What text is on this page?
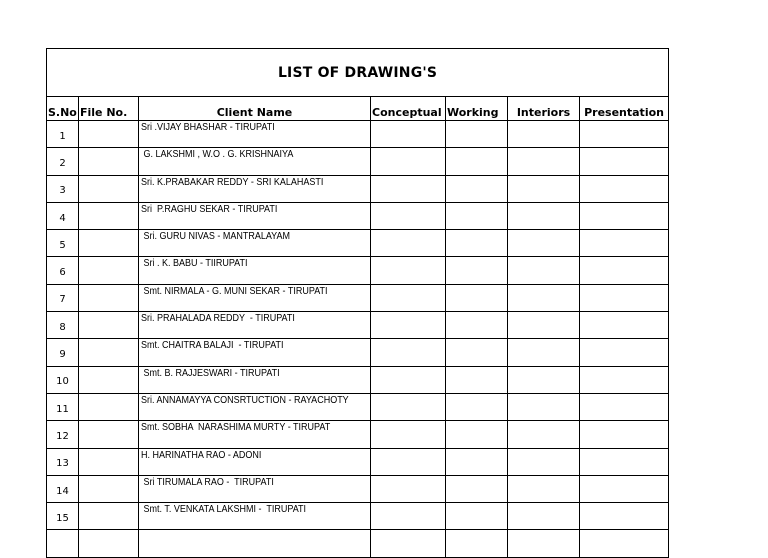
LIST OF DRAWING'S						
S.No	File No.	Client Name	Conceptual	Working	Interiors	Presentation
1		Sri .VIJAY BHASHAR - TIRUPATI				
2		G. LAKSHMI , W.O . G. KRISHNAIYA				
3		Sri. K.PRABAKAR REDDY - SRI KALAHASTI				
4		Sri  P.RAGHU SEKAR - TIRUPATI				
5		Sri. GURU NIVAS - MANTRALAYAM				
6		Sri . K. BABU - TIIRUPATI				
7		Smt. NIRMALA - G. MUNI SEKAR - TIRUPATI				
8		Sri. PRAHALADA REDDY  - TIRUPATI				
9		Smt. CHAITRA BALAJI  - TIRUPATI				
10		Smt. B. RAJJESWARI - TIRUPATI				
11		Sri. ANNAMAYYA CONSRTUCTION - RAYACHOTY				
12		Smt. SOBHA  NARASHIMA MURTY - TIRUPAT				
13		H. HARINATHA RAO - ADONI				
14		Sri TIRUMALA RAO -  TIRUPATI				
15		Smt. T. VENKATA LAKSHMI -  TIRUPATI				
